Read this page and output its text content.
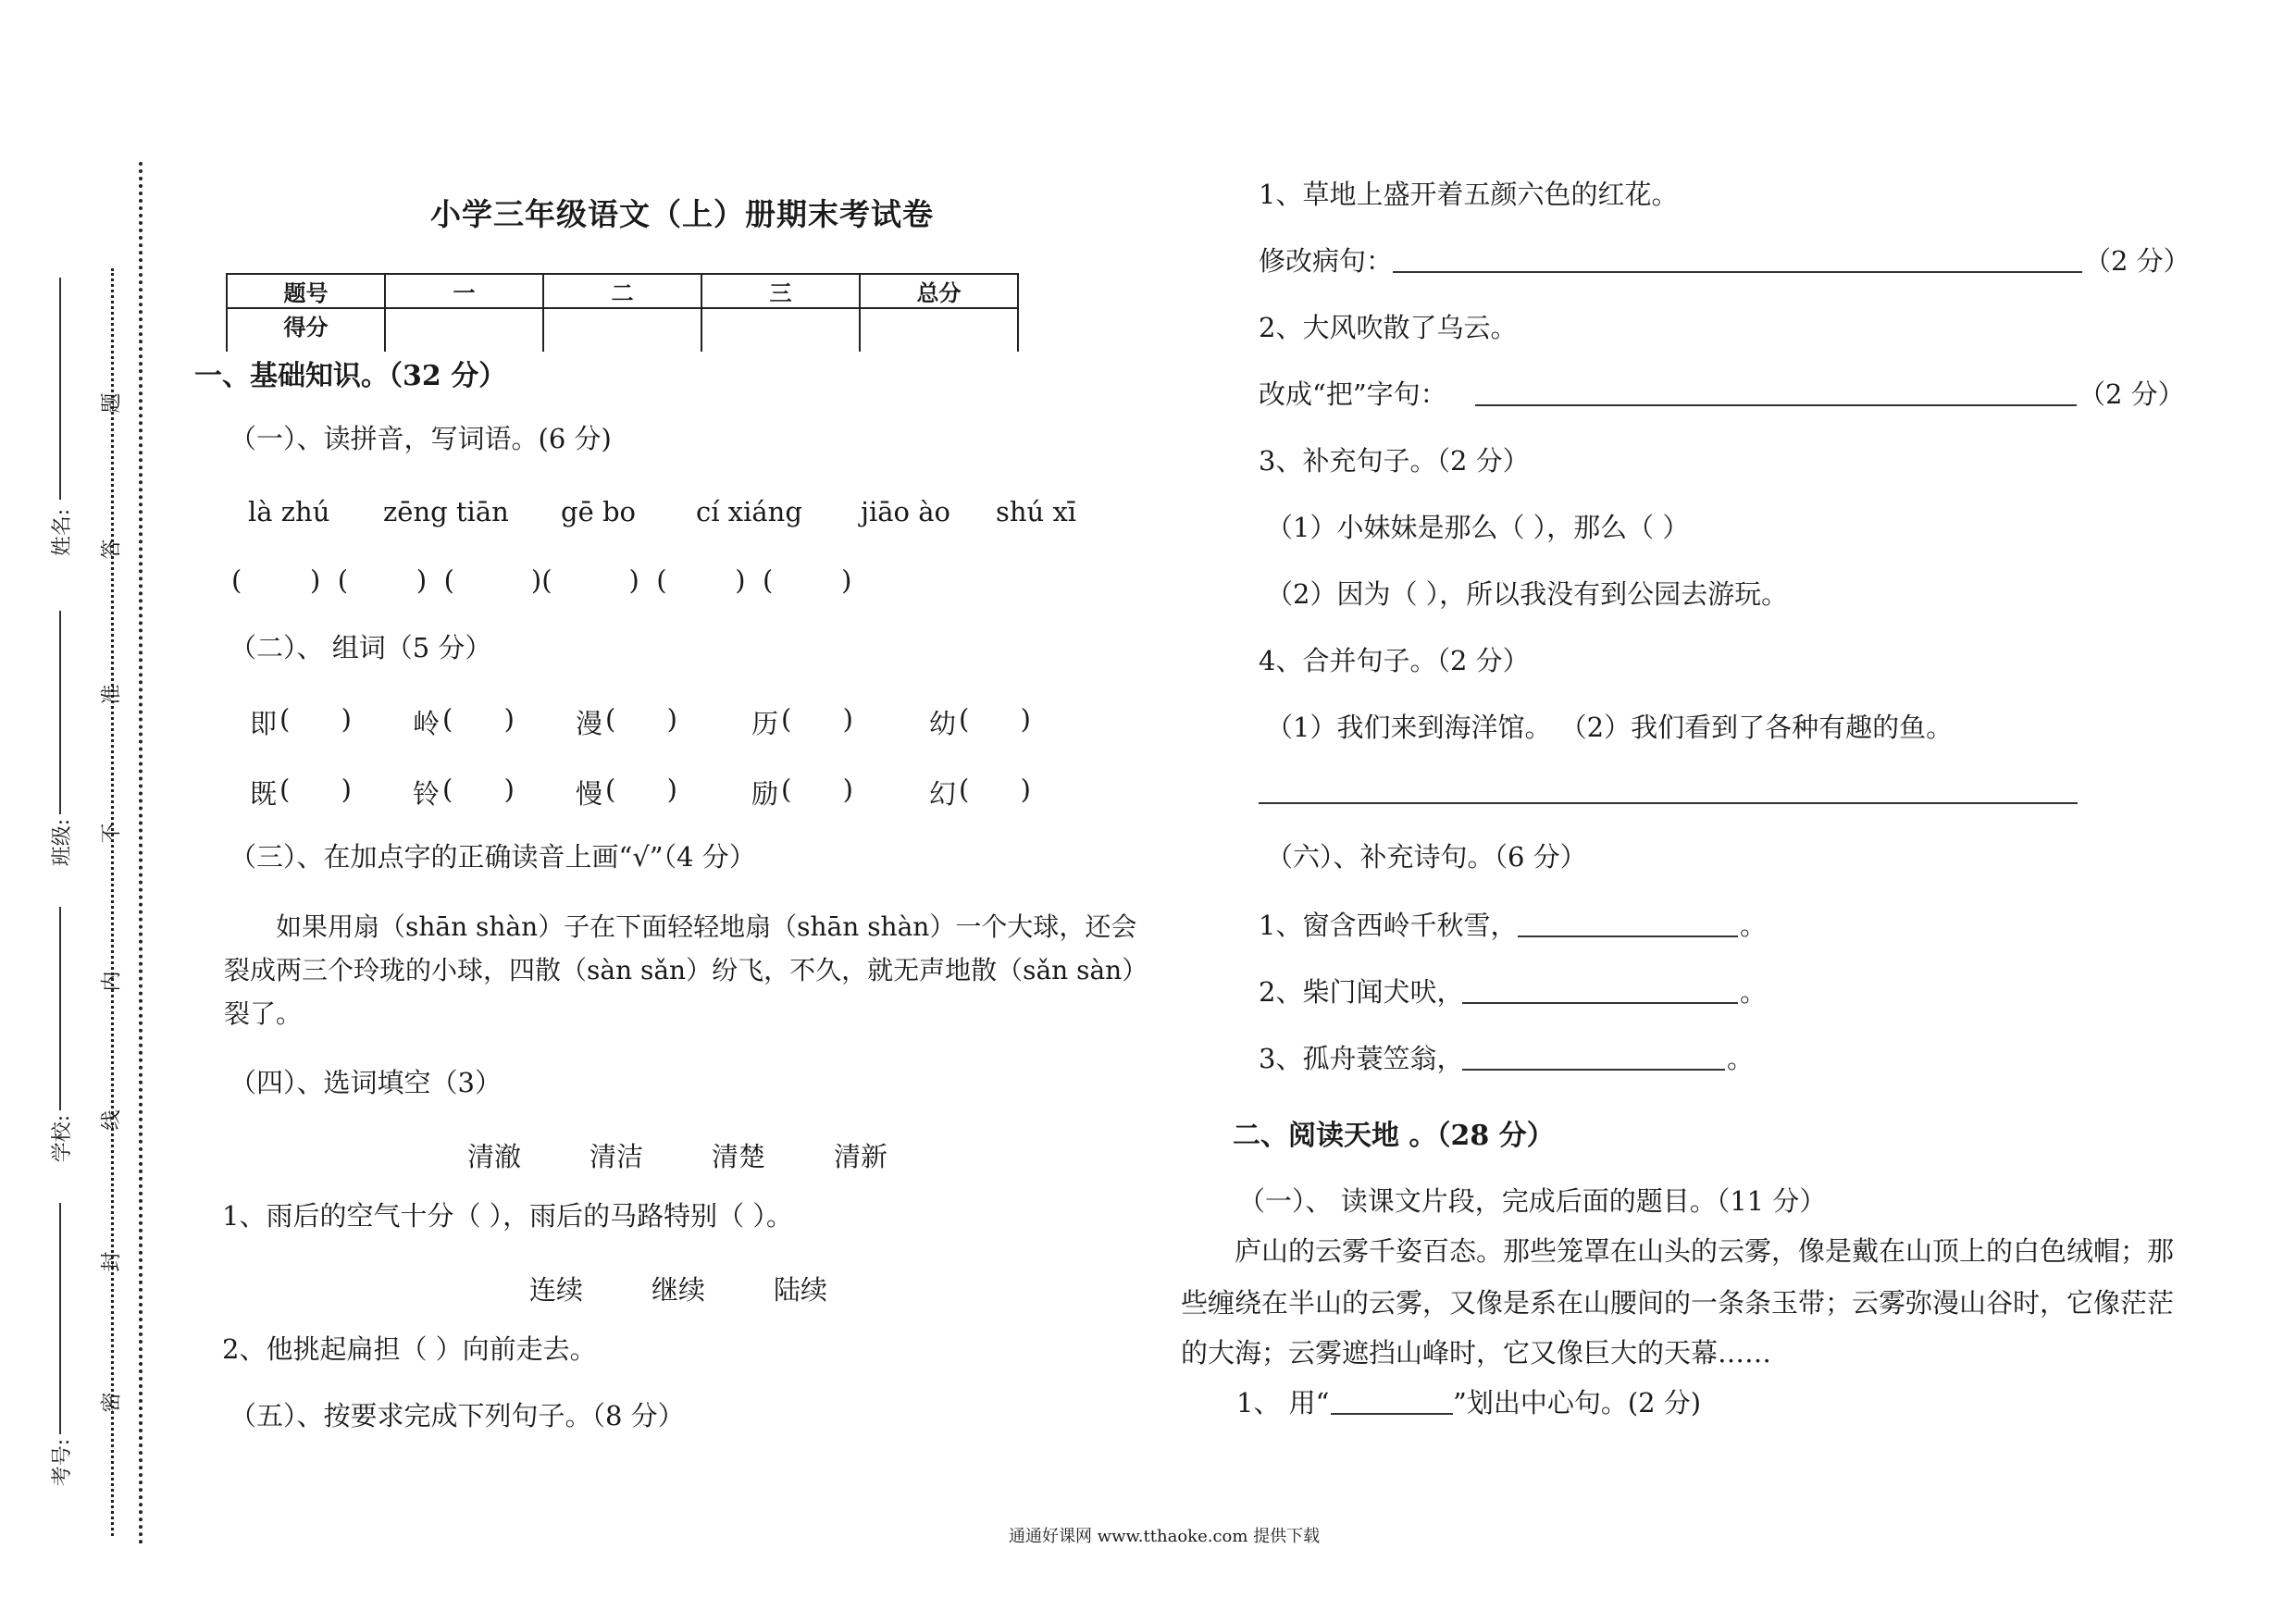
考号:
学校:
班级:
姓名:
密
封
线
内
不
准
答
题
小学三年级语文（上）册期末考试卷
题号	一	二	三	总分
得分				
一、基础知识。（32 分）
（一）、读拼音，写词语。(6 分)
là zhú zēng tiān gē bo cí xiáng jiāo ào shú xī
(        )  (        )  (         )(         )  (        )  (        )
（二）、 组词（5 分）
即 (      ) 岭 (      ) 漫 (      )	历 (      )	幼 (      )
既 (      ) 铃 (      ) 慢 (      )	励 (      )	幻 (      )
（三）、在加点字的正确读音上画“√”（4 分）
如果用扇（shān shàn）子在下面轻轻地扇（shān shàn）一个大球，还会
裂成两三个玲珑的小球，四散（sàn sǎn）纷飞，不久，就无声地散（sǎn sàn）
裂了。
（四）、选词填空（3）
清澈	清洁	清楚	清新
1、雨后的空气十分（ ），雨后的马路特别（ ）。
连续	继续	陆续
2、他挑起扁担（ ）向前走去。
（五）、按要求完成下列句子。（8 分）
1、草地上盛开着五颜六色的红花。
修改病句：	（2 分）
2、大风吹散了乌云。
改成“把”字句：	（2 分）
3、补充句子。（2 分）
（1）小妹妹是那么（ ），那么（ ）
（2）因为（ ），所以我没有到公园去游玩。
4、合并句子。（2 分）
（1）我们来到海洋馆。 （2）我们看到了各种有趣的鱼。
（六）、补充诗句。（6 分）
1、窗含西岭千秋雪，	。
2、柴门闻犬吠，	。
3、孤舟蓑笠翁，	。
二、阅读天地 。（28 分）
（一）、 读课文片段，完成后面的题目。（11 分）
庐山的云雾千姿百态。那些笼罩在山头的云雾，像是戴在山顶上的白色绒帽；那
些缠绕在半山的云雾，又像是系在山腰间的一条条玉带；云雾弥漫山谷时，它像茫茫
的大海；云雾遮挡山峰时，它又像巨大的天幕……
1、 用“	”划出中心句。(2 分)
通通好课网 www.tthaoke.com 提供下载
